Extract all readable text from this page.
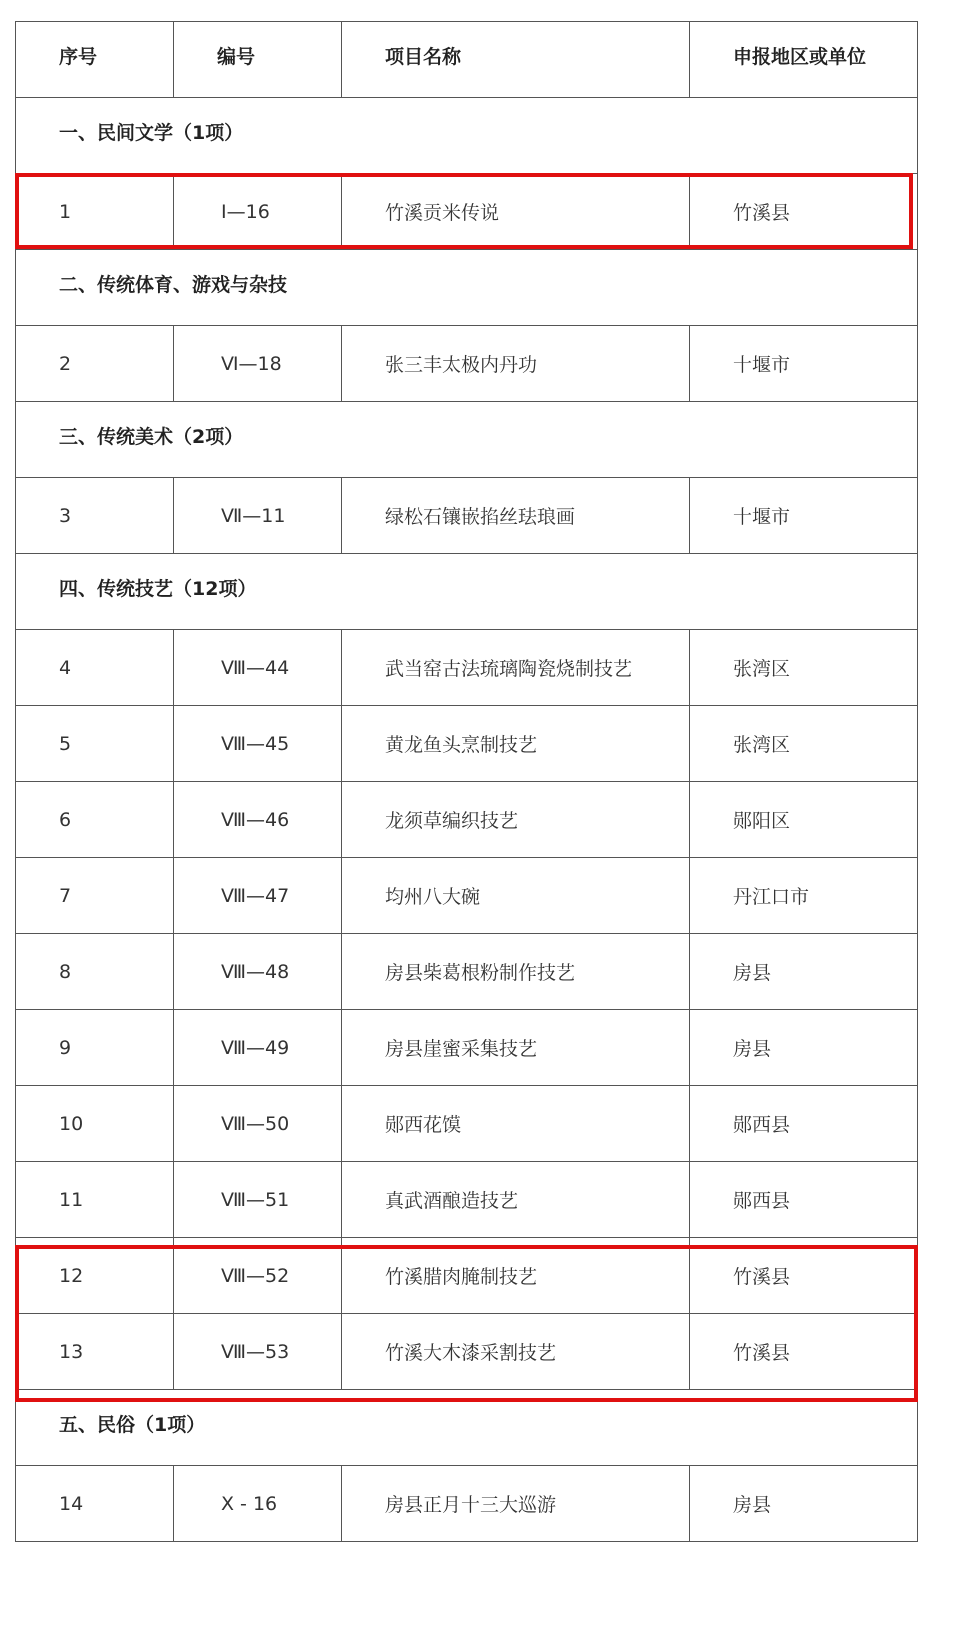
序号	编号	项目名称	申报地区或单位
一、民间文学（1项）			
1	Ⅰ—16	竹溪贡米传说	竹溪县
二、传统体育、游戏与杂技			
2	Ⅵ—18	张三丰太极内丹功	十堰市
三、传统美术（2项）			
3	Ⅶ—11	绿松石镶嵌掐丝珐琅画	十堰市
四、传统技艺（12项）			
4	Ⅷ—44	武当窑古法琉璃陶瓷烧制技艺	张湾区
5	Ⅷ—45	黄龙鱼头烹制技艺	张湾区
6	Ⅷ—46	龙须草编织技艺	郧阳区
7	Ⅷ—47	均州八大碗	丹江口市
8	Ⅷ—48	房县柴葛根粉制作技艺	房县
9	Ⅷ—49	房县崖蜜采集技艺	房县
10	Ⅷ—50	郧西花馍	郧西县
11	Ⅷ—51	真武酒酿造技艺	郧西县
12	Ⅷ—52	竹溪腊肉腌制技艺	竹溪县
13	Ⅷ—53	竹溪大木漆采割技艺	竹溪县
五、民俗（1项）			
14	Ⅹ - 16	房县正月十三大巡游	房县
